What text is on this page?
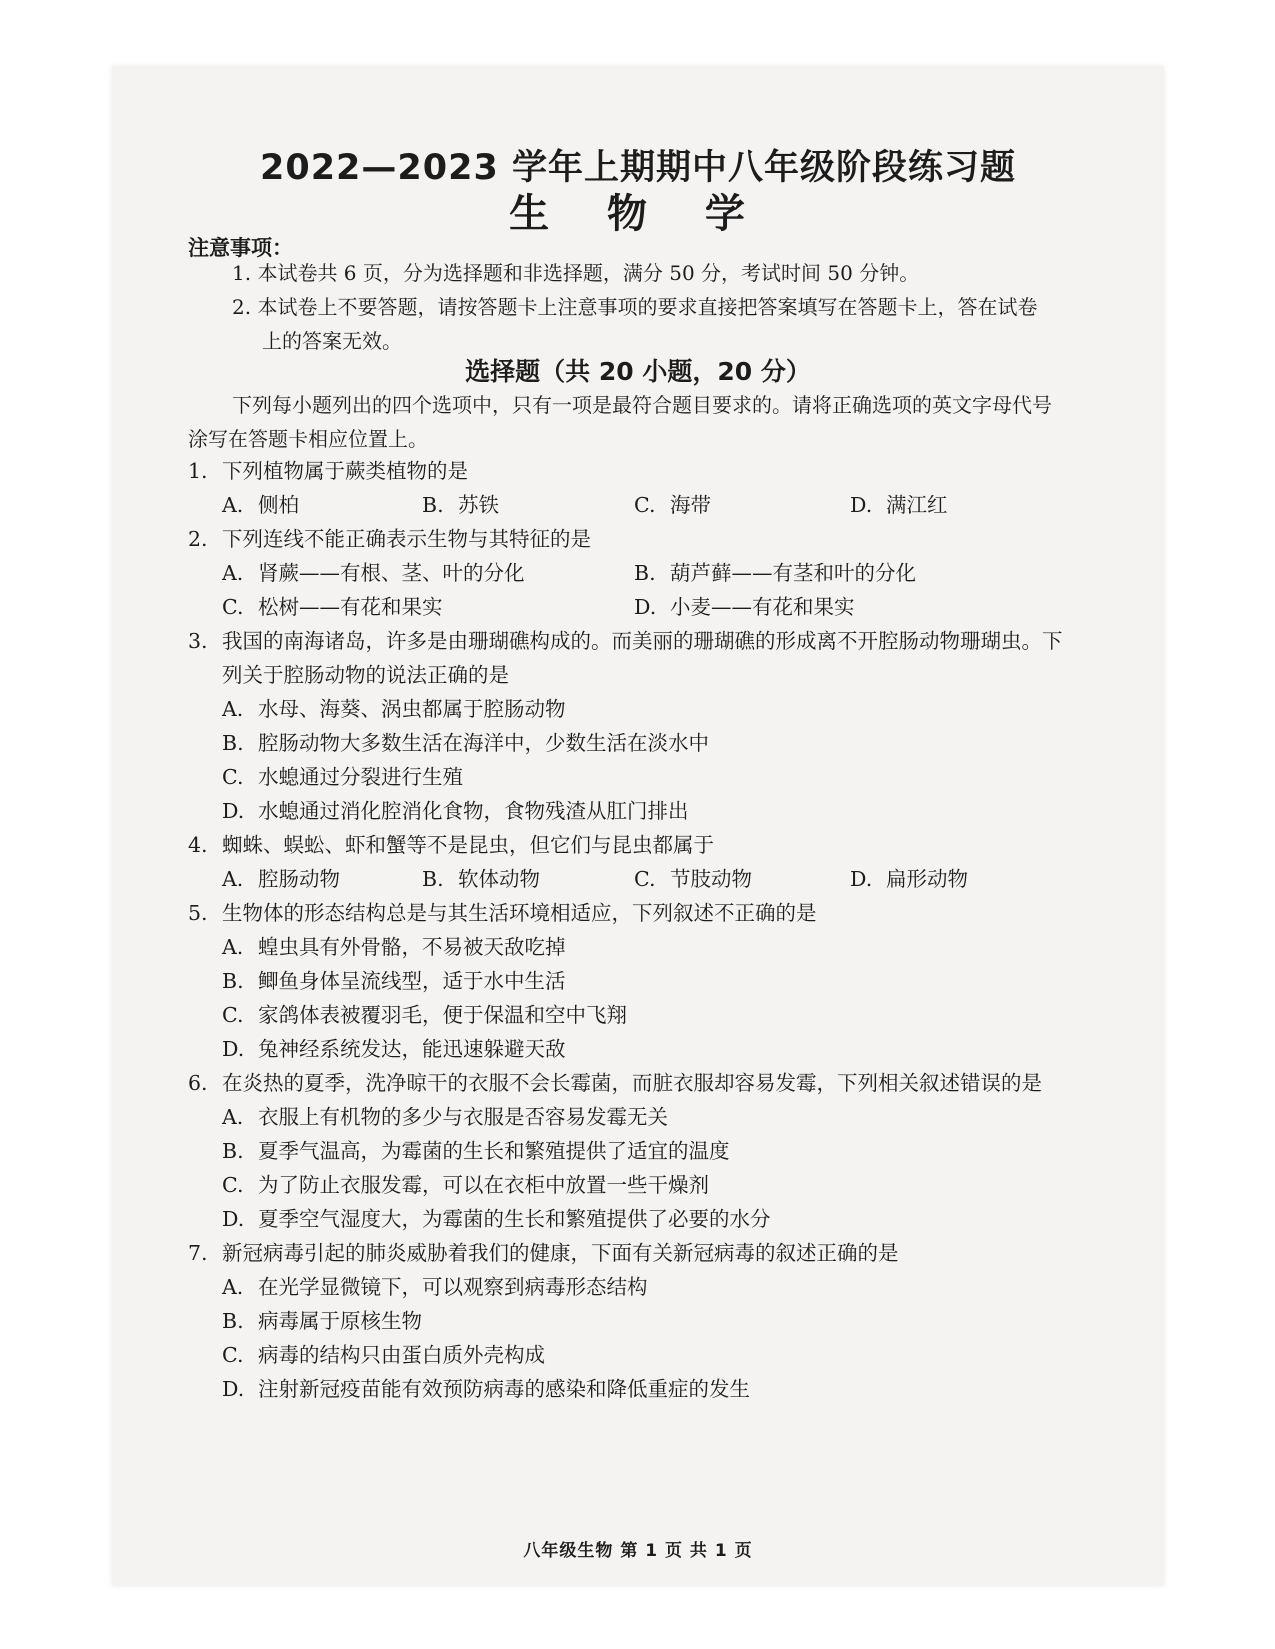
2022—2023 学年上期期中八年级阶段练习题
生 物 学
注意事项：
1. 本试卷共 6 页，分为选择题和非选择题，满分 50 分，考试时间 50 分钟。
2. 本试卷上不要答题，请按答题卡上注意事项的要求直接把答案填写在答题卡上，答在试卷
上的答案无效。
选择题（共 20 小题，20 分）
下列每小题列出的四个选项中，只有一项是最符合题目要求的。请将正确选项的英文字母代号
涂写在答题卡相应位置上。
1. 下列植物属于蕨类植物的是
A. 侧柏	B. 苏铁	C. 海带	D. 满江红
2. 下列连线不能正确表示生物与其特征的是
A. 肾蕨——有根、茎、叶的分化	B. 葫芦藓——有茎和叶的分化
C. 松树——有花和果实	D. 小麦——有花和果实
3. 我国的南海诸岛，许多是由珊瑚礁构成的。而美丽的珊瑚礁的形成离不开腔肠动物珊瑚虫。下
列关于腔肠动物的说法正确的是
A. 水母、海葵、涡虫都属于腔肠动物
B. 腔肠动物大多数生活在海洋中，少数生活在淡水中
C. 水螅通过分裂进行生殖
D. 水螅通过消化腔消化食物，食物残渣从肛门排出
4. 蜘蛛、蜈蚣、虾和蟹等不是昆虫，但它们与昆虫都属于
A. 腔肠动物	B. 软体动物	C. 节肢动物	D. 扁形动物
5. 生物体的形态结构总是与其生活环境相适应，下列叙述不正确的是
A. 蝗虫具有外骨骼，不易被天敌吃掉
B. 鲫鱼身体呈流线型，适于水中生活
C. 家鸽体表被覆羽毛，便于保温和空中飞翔
D. 兔神经系统发达，能迅速躲避天敌
6. 在炎热的夏季，洗净晾干的衣服不会长霉菌，而脏衣服却容易发霉，下列相关叙述错误的是
A. 衣服上有机物的多少与衣服是否容易发霉无关
B. 夏季气温高，为霉菌的生长和繁殖提供了适宜的温度
C. 为了防止衣服发霉，可以在衣柜中放置一些干燥剂
D. 夏季空气湿度大，为霉菌的生长和繁殖提供了必要的水分
7. 新冠病毒引起的肺炎威胁着我们的健康，下面有关新冠病毒的叙述正确的是
A. 在光学显微镜下，可以观察到病毒形态结构
B. 病毒属于原核生物
C. 病毒的结构只由蛋白质外壳构成
D. 注射新冠疫苗能有效预防病毒的感染和降低重症的发生
八年级生物 第 1 页 共 1 页
